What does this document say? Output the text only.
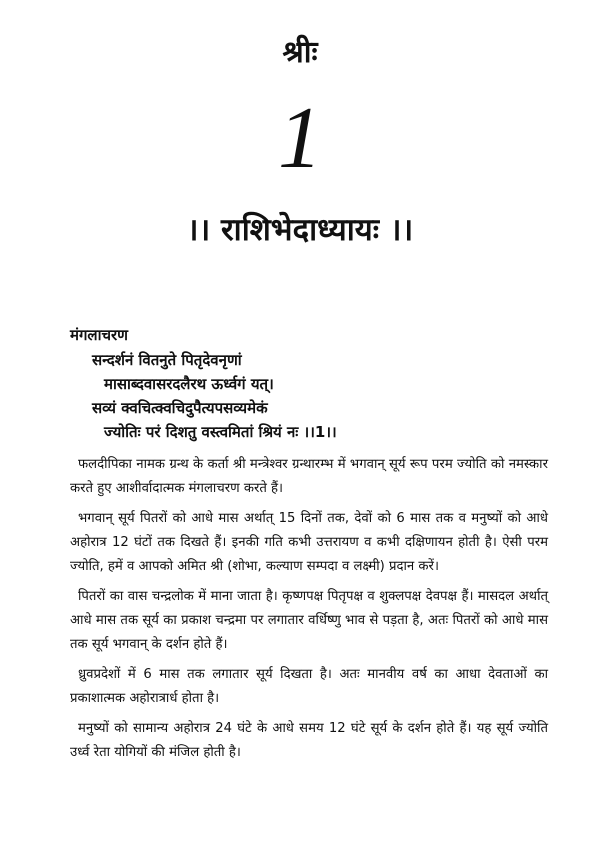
श्रीः
1
।। राशिभेदाध्यायः ।।
मंगलाचरण
सन्दर्शनं वितनुते पितृदेवनृणां
मासाब्दवासरदलैरथ ऊर्ध्वगं यत्।
सव्यं क्वचित्क्वचिदुपैत्यपसव्यमेकं
ज्योतिः परं दिशतु वस्त्वमितां श्रियं नः ।।1।।

फलदीपिका नामक ग्रन्थ के कर्ता श्री मन्त्रेश्वर ग्रन्थारम्भ में भगवान् सूर्य रूप परम ज्योति को नमस्कार करते हुए आशीर्वादात्मक मंगलाचरण करते हैं।

भगवान् सूर्य पितरों को आधे मास अर्थात् 15 दिनों तक, देवों को 6 मास तक व मनुष्यों को आधे अहोरात्र 12 घंटों तक दिखते हैं। इनकी गति कभी उत्तरायण व कभी दक्षिणायन होती है। ऐसी परम ज्योति, हमें व आपको अमित श्री (शोभा, कल्याण सम्पदा व लक्ष्मी) प्रदान करें।

पितरों का वास चन्द्रलोक में माना जाता है। कृष्णपक्ष पितृपक्ष व शुक्लपक्ष देवपक्ष हैं। मासदल अर्थात् आधे मास तक सूर्य का प्रकाश चन्द्रमा पर लगातार वर्धिष्णु भाव से पड़ता है, अतः पितरों को आधे मास तक सूर्य भगवान् के दर्शन होते हैं।

ध्रुवप्रदेशों में 6 मास तक लगातार सूर्य दिखता है। अतः मानवीय वर्ष का आधा देवताओं का प्रकाशात्मक अहोरात्रार्ध होता है।

मनुष्यों को सामान्य अहोरात्र 24 घंटे के आधे समय 12 घंटे सूर्य के दर्शन होते हैं। यह सूर्य ज्योति उर्ध्व रेता योगियों की मंजिल होती है।
